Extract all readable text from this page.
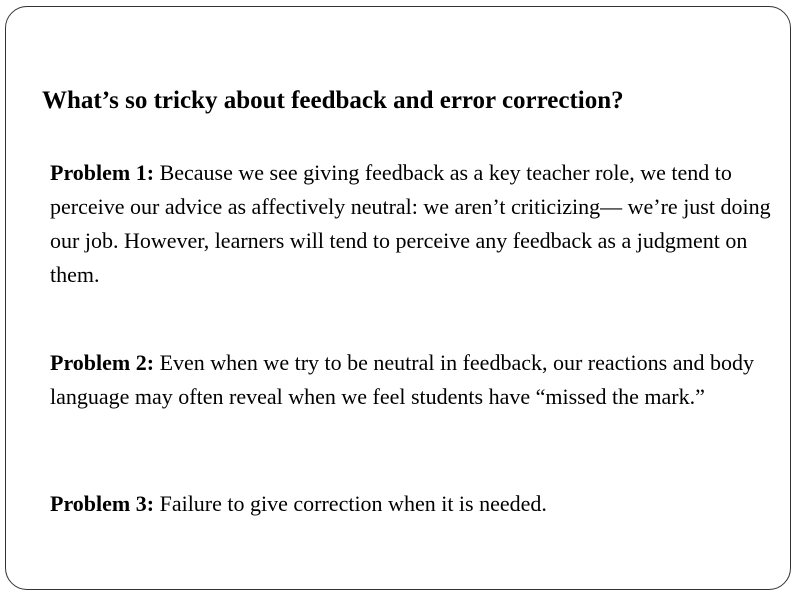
What’s so tricky about feedback and error correction?

Problem 1: Because we see giving feedback as a key teacher role, we tend to perceive our advice as affectively neutral: we aren’t criticizing— we’re just doing our job. However, learners will tend to perceive any feedback as a judgment on them.

Problem 2: Even when we try to be neutral in feedback, our reactions and body language may often reveal when we feel students have “missed the mark.”

Problem 3: Failure to give correction when it is needed.
